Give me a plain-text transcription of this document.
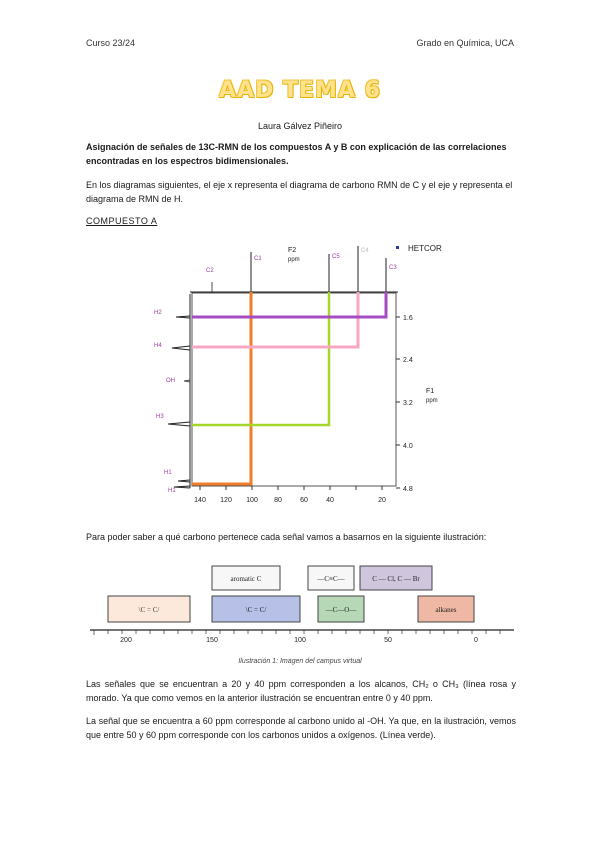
Curso 23/24	Grado en Química, UCA
AAD TEMA 6
Laura Gálvez Piñeiro
Asignación de señales de 13C-RMN de los compuestos A y B con explicación de las correlaciones encontradas en los espectros bidimensionales.
En los diagramas siguientes, el eje x representa el diagrama de carbono RMN de C y el eje y representa el diagrama de RMN de H.
COMPUESTO A
C2
C1	C5
C4
C3
F2
ppm
HETCOR
H2
H4
OH
H3
H1
H1
140 120 100 80	60	40	20
1.6
2.4
3.2
4.0
4.8
F1
ppm
Para poder saber a qué carbono pertenece cada señal vamos a basarnos en la siguiente ilustración:
aromatic C	—C≡C—	C — Cl, C — Br
\C = C/	\C = C/	—C—O—	alkanes
200	150	100	50	0
Ilustración 1: Imagen del campus virtual
Las señales que se encuentran a 20 y 40 ppm corresponden a los alcanos, CH₂ o CH₃ (línea rosa y morado. Ya que como vemos en la anterior ilustración se encuentran entre 0 y 40 ppm.
La señal que se encuentra a 60 ppm corresponde al carbono unido al -OH. Ya que, en la ilustración, vemos que entre 50 y 60 ppm corresponde con los carbonos unidos a oxígenos. (Línea verde).
